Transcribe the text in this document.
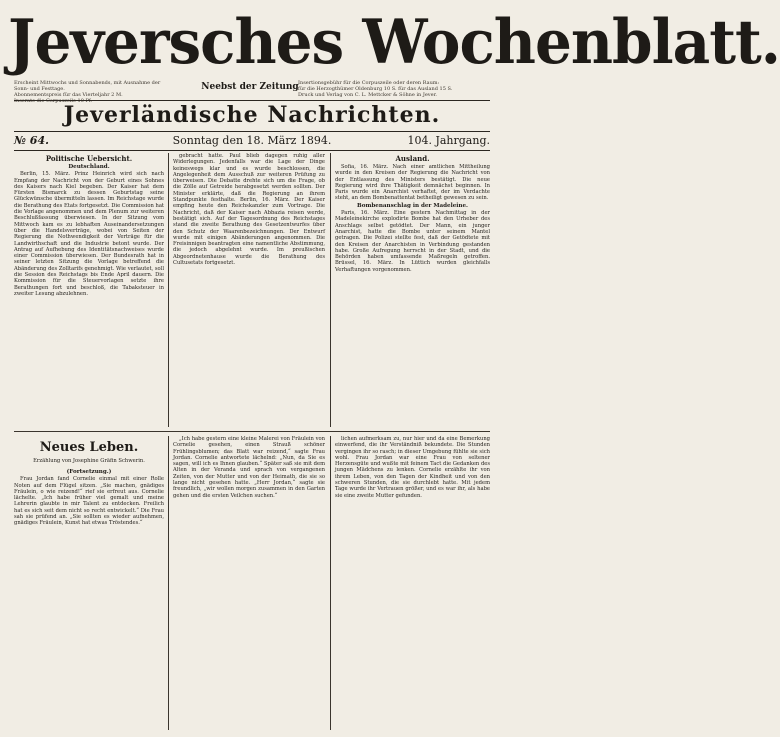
Jeversches Wochenblatt.
Erscheint Mittwochs und Sonnabends, mit Ausnahme der Sonn- und Festtage.
Abonnementspreis für das Vierteljahr 2 M.
Inserate die Corpuszeile 10 Pf.
Neebst der Zeitung Insertionsgebühr für die Corpuszeile oder deren Raum:
für die Herzogthümer Oldenburg 10 S. für das Ausland 15 S.
Druck und Verlag von C. L. Mettcker & Söhne in Jever.
Jeverländische Nachrichten.
№ 64.	Sonntag den 18. März 1894.	104. Jahrgang.
Politische Uebersicht.
Deutschland.

Berlin, 15. März. Prinz Heinrich wird sich nach Empfang der Nachricht von der Geburt eines Sohnes des Kaisers nach Kiel begeben. Der Kaiser hat dem Fürsten Bismarck zu dessen Geburtstag seine Glückwünsche übermitteln lassen. Im Reichstage wurde die Berathung des Etats fortgesetzt. Die Commission hat die Vorlage angenommen und dem Plenum zur weiteren Beschlußfassung überwiesen. In der Sitzung vom Mittwoch kam es zu lebhaften Auseinandersetzungen über die Handelsverträge, wobei von Seiten der Regierung die Nothwendigkeit der Verträge für die Landwirthschaft und die Industrie betont wurde. Der Antrag auf Aufhebung des Identitätsnachweises wurde einer Commission überwiesen. Der Bundesrath hat in seiner letzten Sitzung die Vorlage betreffend die Abänderung des Zolltarifs genehmigt. Wie verlautet, soll die Session des Reichstags bis Ende April dauern. Die Kommission für die Steuervorlagen setzte ihre Berathungen fort und beschloß, die Tabaksteuer in zweiter Lesung abzulehnen.

gebracht hatte. Paul blieb dagegen ruhig aller Widerlegungen. Jedenfalls war die Lage der Dinge keineswegs klar und es wurde beschlossen, die Angelegenheit dem Ausschuß zur weiteren Prüfung zu überweisen. Die Debatte drehte sich um die Frage, ob die Zölle auf Getreide herabgesetzt werden sollten. Der Minister erklärte, daß die Regierung an ihrem Standpunkte festhalte. Berlin, 16. März. Der Kaiser empfing heute den Reichskanzler zum Vortrage. Die Nachricht, daß der Kaiser nach Abbazia reisen werde, bestätigt sich. Auf der Tagesordnung des Reichstages stand die zweite Berathung des Gesetzentwurfes über den Schutz der Waarenbezeichnungen. Der Entwurf wurde mit einigen Abänderungen angenommen. Die Freisinnigen beantragten eine namentliche Abstimmung, die jedoch abgelehnt wurde. Im preußischen Abgeordnetenhause wurde die Berathung des Cultusetats fortgesetzt.

Ausland.

Sofia, 16. März. Nach einer amtlichen Mittheilung wurde in den Kreisen der Regierung die Nachricht von der Entlassung des Ministers bestätigt. Die neue Regierung wird ihre Thätigkeit demnächst beginnen. In Paris wurde ein Anarchist verhaftet, der im Verdachte steht, an dem Bombenattentat betheiligt gewesen zu sein.

Bombenanschlag in der Madeleine.

Paris, 16. März. Eine gestern Nachmittag in der Madeleinekirche explodirte Bombe hat den Urheber des Anschlags selbst getödtet. Der Mann, ein junger Anarchist, hatte die Bombe unter seinem Mantel getragen. Die Polizei stellte fest, daß der Getödtete mit den Kreisen der Anarchisten in Verbindung gestanden habe. Große Aufregung herrscht in der Stadt, und die Behörden haben umfassende Maßregeln getroffen. Brüssel, 16. März. In Lüttich wurden gleichfalls Verhaftungen vorgenommen.

Neues Leben.
Erzählung von Josephine Gräfin Schwerin.
(Fortsetzung.)

Frau Jordan fand Cornelie einmal mit einer Rolle Noten auf dem Flügel sitzen. „Sie machen, gnädiges Fräulein, o wie reizend!“ rief sie erfreut aus. Cornelie lächelte. „Ich habe früher viel gemalt und meine Lehrerin glaubte in mir Talent zu entdecken. Freilich hat es sich seit dem nicht so recht entwickelt.“ Die Frau sah sie prüfend an. „Sie sollten es wieder aufnehmen, gnädiges Fräulein, Kunst hat etwas Tröstendes.“

„Ich habe gestern eine kleine Malerei von Fräulein von Cornelie gesehen, einen Strauß schöner Frühlingsblumen; das Blatt war reizend,“ sagte Frau Jordan. Cornelie antwortete lächelnd: „Nun, da Sie es sagen, will ich es Ihnen glauben.“ Später saß sie mit dem Alten in der Veranda und sprach von vergangenen Zeiten, von der Mutter und von der Heimath, die sie so lange nicht gesehen hatte. „Herr Jordan,“ sagte sie freundlich, „wir wollen morgen zusammen in den Garten gehen und die ersten Veilchen suchen.“

lichen aufmerksam zu, nur hier und da eine Bemerkung einwerfend, die ihr Verständniß bekundete. Die Stunden vergingen ihr so rasch; in dieser Umgebung fühlte sie sich wohl. Frau Jordan war eine Frau von seltener Herzensgüte und wußte mit feinem Tact die Gedanken des jungen Mädchens zu lenken. Cornelie erzählte ihr von ihrem Leben, von den Tagen der Kindheit und von den schweren Stunden, die sie durchlebt hatte. Mit jedem Tage wurde ihr Vertrauen größer, und es war ihr, als habe sie eine zweite Mutter gefunden.
